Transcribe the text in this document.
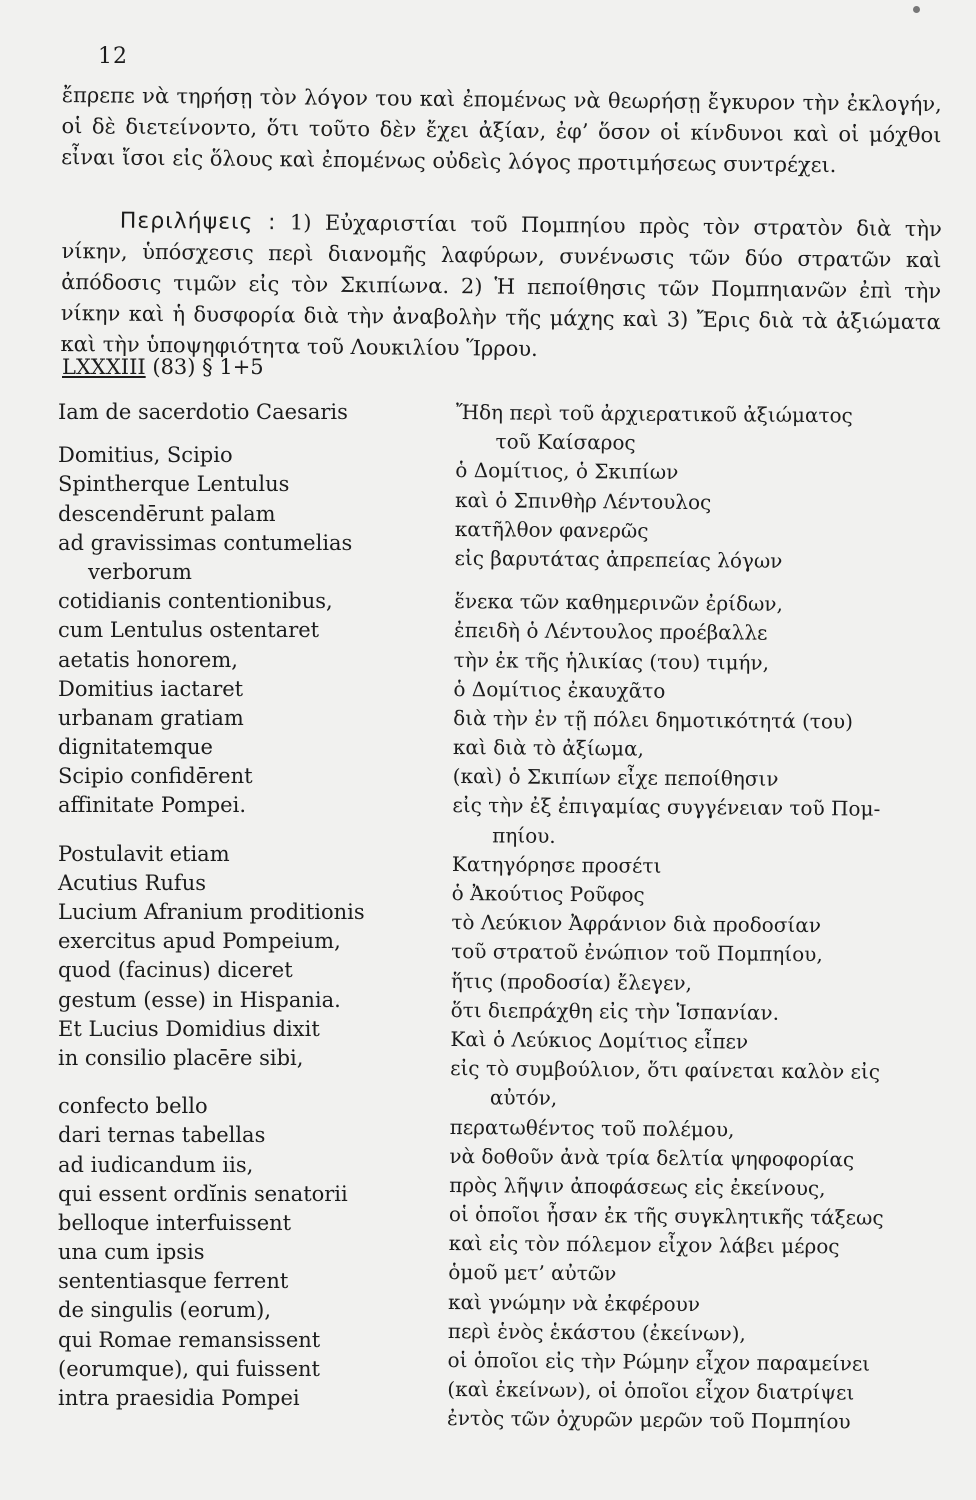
12

ἔπρεπε νὰ τηρήσῃ τὸν λόγον του καὶ ἐπομένως νὰ θεωρήσῃ ἔγκυρον τὴν ἐκλογήν, οἱ δὲ διετείνοντο, ὅτι τοῦτο δὲν ἔχει ἀξίαν, ἐφ’ ὅσον οἱ κίνδυνοι καὶ οἱ μόχθοι εἶναι ἴσοι εἰς ὅλους καὶ ἐπομένως οὐδεὶς λόγος προτιμήσεως συντρέχει.

Περιλήψεις : 1) Εὐχαριστίαι τοῦ Πομπηίου πρὸς τὸν στρατὸν διὰ τὴν νίκην, ὑπόσχεσις περὶ διανομῆς λαφύρων, συνένωσις τῶν δύο στρατῶν καὶ ἀπόδοσις τιμῶν εἰς τὸν Σκιπίωνα. 2) Ἡ πεποίθησις τῶν Πομπηιανῶν ἐπὶ τὴν νίκην καὶ ἡ δυσφορία διὰ τὴν ἀναβολὴν τῆς μάχης καὶ 3) Ἔρις διὰ τὰ ἀξιώματα καὶ τὴν ὑποψηφιότητα τοῦ Λουκιλίου Ἵρρου.

LXXXIII (83) § 1+5
Iam de sacerdotio Caesaris
Domitius, Scipio
Spintherque Lentulus
descendērunt palam
ad gravissimas contumelias
verborum
cotidianis contentionibus,
cum Lentulus ostentaret
aetatis honorem,
Domitius iactaret
urbanam gratiam
dignitatemque
Scipio confidērent
affinitate Pompei.
Postulavit etiam
Acutius Rufus
Lucium Afranium proditionis
exercitus apud Pompeium,
quod (facinus) diceret
gestum (esse) in Hispania.
Et Lucius Domidius dixit
in consilio placēre sibi,
confecto bello
dari ternas tabellas
ad iudicandum iis,
qui essent ordĭnis senatorii
belloque interfuissent
una cum ipsis
sententiasque ferrent
de singulis (eorum),
qui Romae remansissent
(eorumque), qui fuissent
intra praesidia Pompei
Ἤδη περὶ τοῦ ἀρχιερατικοῦ ἀξιώματος
τοῦ Καίσαρος
ὁ Δομίτιος, ὁ Σκιπίων
καὶ ὁ Σπινθὴρ Λέντουλος
κατῆλθον φανερῶς
εἰς βαρυτάτας ἀπρεπείας λόγων
ἕνεκα τῶν καθημερινῶν ἐρίδων,
ἐπειδὴ ὁ Λέντουλος προέβαλλε
τὴν ἐκ τῆς ἡλικίας (του) τιμήν,
ὁ Δομίτιος ἐκαυχᾶτο
διὰ τὴν ἐν τῇ πόλει δημοτικότητά (του)
καὶ διὰ τὸ ἀξίωμα,
(καὶ) ὁ Σκιπίων εἶχε πεποίθησιν
εἰς τὴν ἐξ ἐπιγαμίας συγγένειαν τοῦ Πομ-
πηίου.
Κατηγόρησε προσέτι
ὁ Ἀκούτιος Ροῦφος
τὸ Λεύκιον Ἀφράνιον διὰ προδοσίαν
τοῦ στρατοῦ ἐνώπιον τοῦ Πομπηίου,
ἥτις (προδοσία) ἔλεγεν,
ὅτι διεπράχθη εἰς τὴν Ἱσπανίαν.
Καὶ ὁ Λεύκιος Δομίτιος εἶπεν
εἰς τὸ συμβούλιον, ὅτι φαίνεται καλὸν εἰς
αὐτόν,
περατωθέντος τοῦ πολέμου,
νὰ δοθοῦν ἀνὰ τρία δελτία ψηφοφορίας
πρὸς λῆψιν ἀποφάσεως εἰς ἐκείνους,
οἱ ὁποῖοι ἦσαν ἐκ τῆς συγκλητικῆς τάξεως
καὶ εἰς τὸν πόλεμον εἶχον λάβει μέρος
ὁμοῦ μετ’ αὐτῶν
καὶ γνώμην νὰ ἐκφέρουν
περὶ ἑνὸς ἑκάστου (ἐκείνων),
οἱ ὁποῖοι εἰς τὴν Ρώμην εἶχον παραμείνει
(καὶ ἐκείνων), οἱ ὁποῖοι εἶχον διατρίψει
ἐντὸς τῶν ὀχυρῶν μερῶν τοῦ Πομπηίου
